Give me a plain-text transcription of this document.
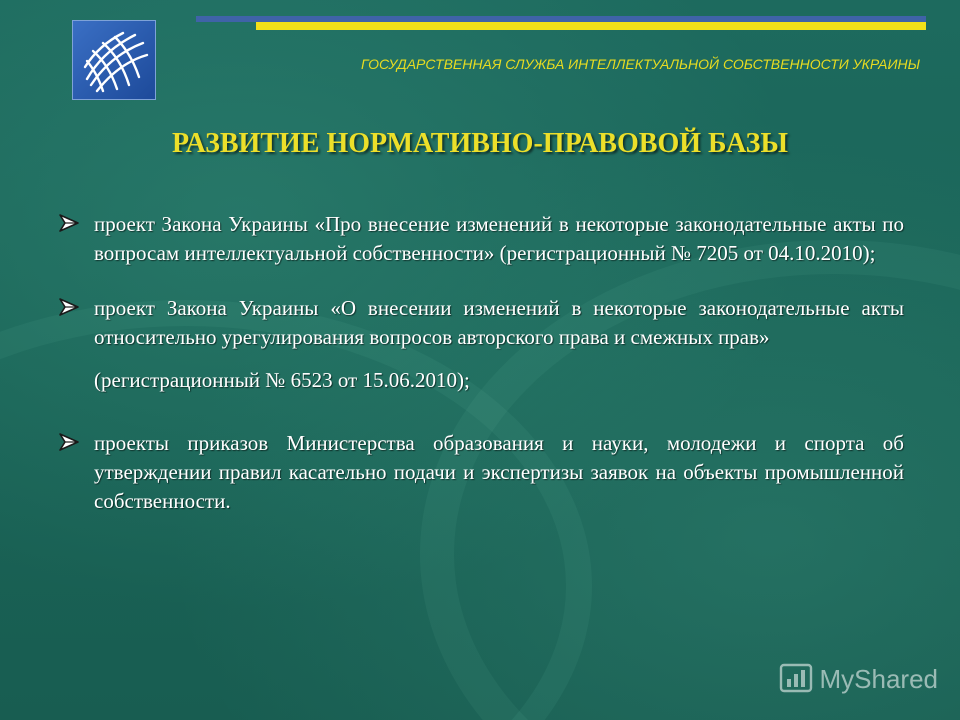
ГОСУДАРСТВЕННАЯ СЛУЖБА ИНТЕЛЛЕКТУАЛЬНОЙ СОБСТВЕННОСТИ УКРАИНЫ
РАЗВИТИЕ НОРМАТИВНО-ПРАВОВОЙ БАЗЫ
проект Закона Украины «Про внесение изменений в некоторые законодательные акты по вопросам интеллектуальной собственности» (регистрационный № 7205 от 04.10.2010);
проект Закона Украины «О внесении изменений в некоторые законодательные акты относительно урегулирования вопросов авторского права и смежных прав»
(регистрационный № 6523 от 15.06.2010);
проекты приказов Министерства образования и науки, молодежи и спорта об утверждении правил касательно подачи и экспертизы заявок на объекты промышленной собственности.
MyShared
